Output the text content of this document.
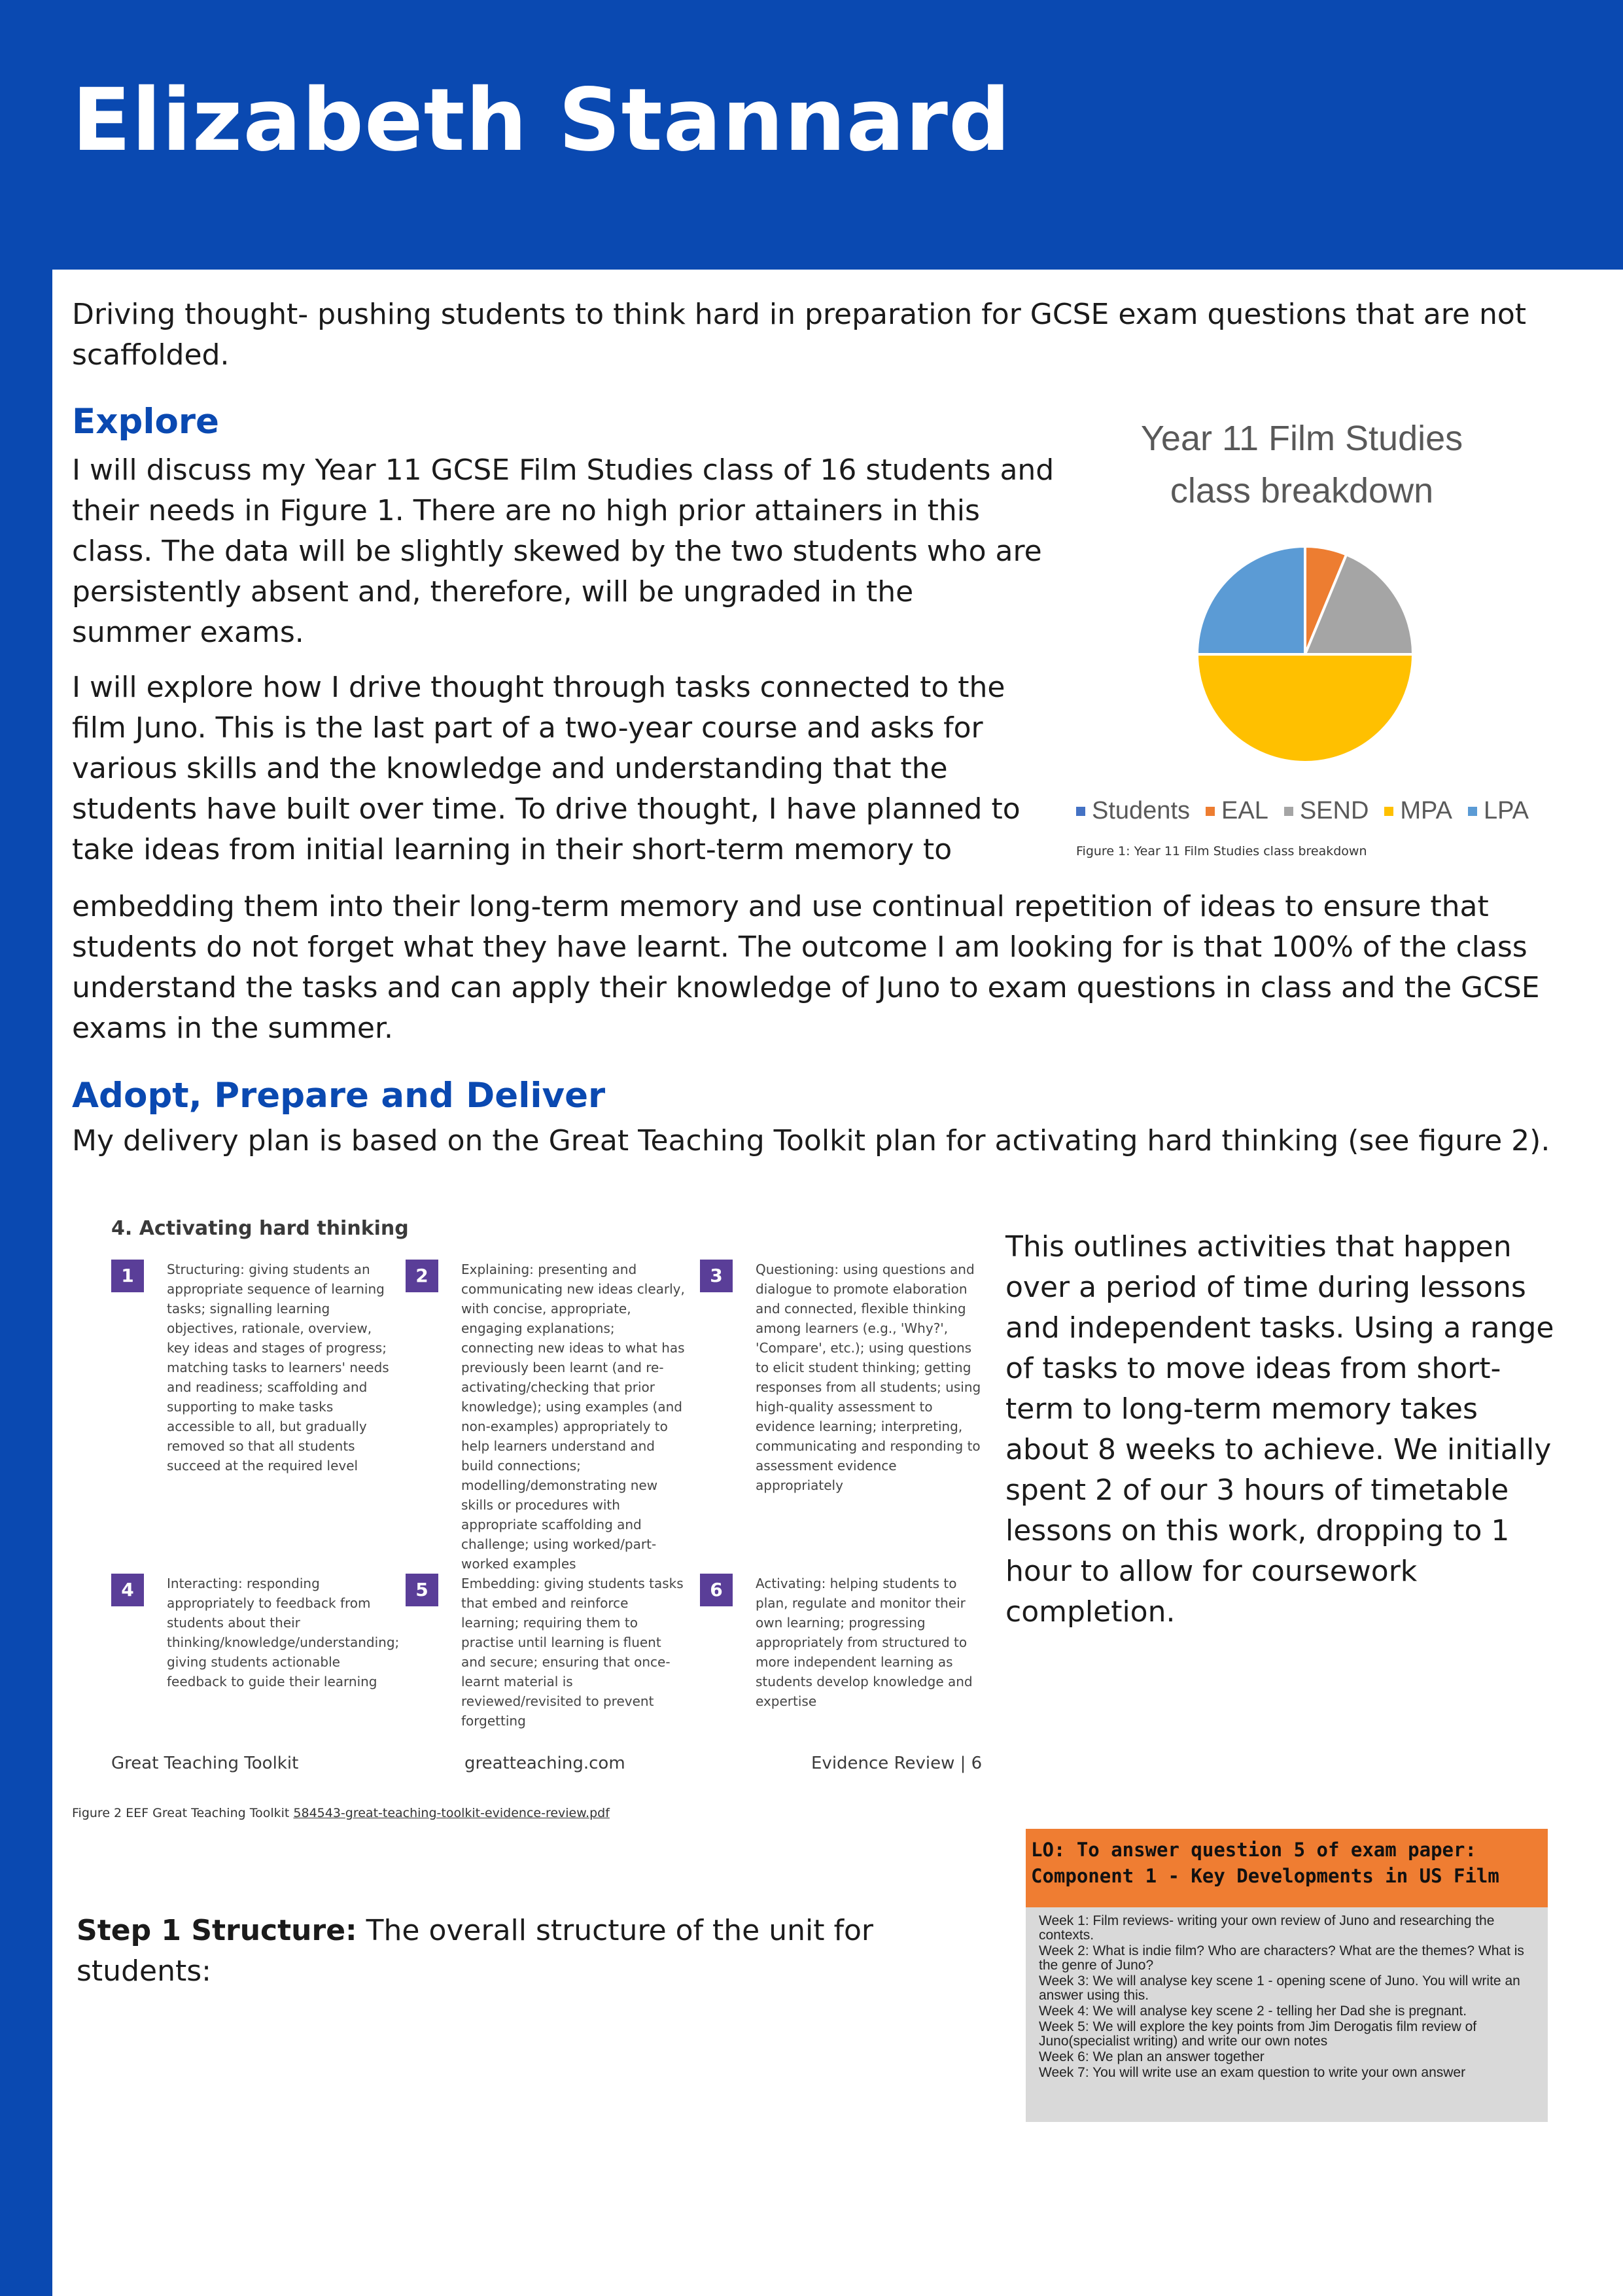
Elizabeth Stannard

Driving thought- pushing students to think hard in preparation for GCSE exam questions that are not scaffolded.

Explore
I will discuss my Year 11 GCSE Film Studies class of 16 students and
their needs in Figure 1. There are no high prior attainers in this
class. The data will be slightly skewed by the two students who are
persistently absent and, therefore, will be ungraded in the
summer exams.
I will explore how I drive thought through tasks connected to the
film Juno. This is the last part of a two-year course and asks for
various skills and the knowledge and understanding that the
students have built over time. To drive thought, I have planned to
take ideas from initial learning in their short-term memory to
Year 11 Film Studies
class breakdown
Students EAL SEND MPA LPA

Figure 1: Year 11 Film Studies class breakdown

embedding them into their long-term memory and use continual repetition of ideas to ensure that students do not forget what they have learnt. The outcome I am looking for is that 100% of the class understand the tasks and can apply their knowledge of Juno to exam questions in class and the GCSE exams in the summer.

Adopt, Prepare and Deliver

My delivery plan is based on the Great Teaching Toolkit plan for activating hard thinking (see figure 2).

4. Activating hard thinking
1	Structuring: giving students an appropriate sequence of learning tasks; signalling learning objectives, rationale, overview, key ideas and stages of progress; matching tasks to learners' needs and readiness; scaffolding and supporting to make tasks accessible to all, but gradually removed so that all students succeed at the required level
2	Explaining: presenting and communicating new ideas clearly, with concise, appropriate, engaging explanations; connecting new ideas to what has previously been learnt (and re-activating/checking that prior knowledge); using examples (and non-examples) appropriately to help learners understand and build connections; modelling/demonstrating new skills or procedures with appropriate scaffolding and challenge; using worked/part-worked examples
3	Questioning: using questions and dialogue to promote elaboration and connected, flexible thinking among learners (e.g., 'Why?', 'Compare', etc.); using questions to elicit student thinking; getting responses from all students; using high-quality assessment to evidence learning; interpreting, communicating and responding to assessment evidence appropriately
4	Interacting: responding appropriately to feedback from students about their thinking/knowledge/understanding; giving students actionable feedback to guide their learning
5	Embedding: giving students tasks that embed and reinforce learning; requiring them to practise until learning is fluent and secure; ensuring that once-learnt material is reviewed/revisited to prevent forgetting
6	Activating: helping students to plan, regulate and monitor their own learning; progressing appropriately from structured to more independent learning as students develop knowledge and expertise
Great Teaching Toolkit	greatteaching.com	Evidence Review | 6

This outlines activities that happen over a period of time during lessons and independent tasks. Using a range of tasks to move ideas from short-term to long-term memory takes about 8 weeks to achieve. We initially spent 2 of our 3 hours of timetable lessons on this work, dropping to 1 hour to allow for coursework completion.

Figure 2 EEF Great Teaching Toolkit 584543-great-teaching-toolkit-evidence-review.pdf

Step 1 Structure: The overall structure of the unit for students:

LO: To answer question 5 of exam paper:
Component 1 - Key Developments in US Film
Week 1: Film reviews- writing your own review of Juno and researching the contexts.
Week 2: What is indie film? Who are characters? What are the themes? What is the genre of Juno?
Week 3: We will analyse key scene 1 - opening scene of Juno. You will write an answer using this.
Week 4: We will analyse key scene 2 - telling her Dad she is pregnant.
Week 5: We will explore the key points from Jim Derogatis film review of Juno(specialist writing) and write our own notes
Week 6: We plan an answer together
Week 7: You will write use an exam question to write your own answer
